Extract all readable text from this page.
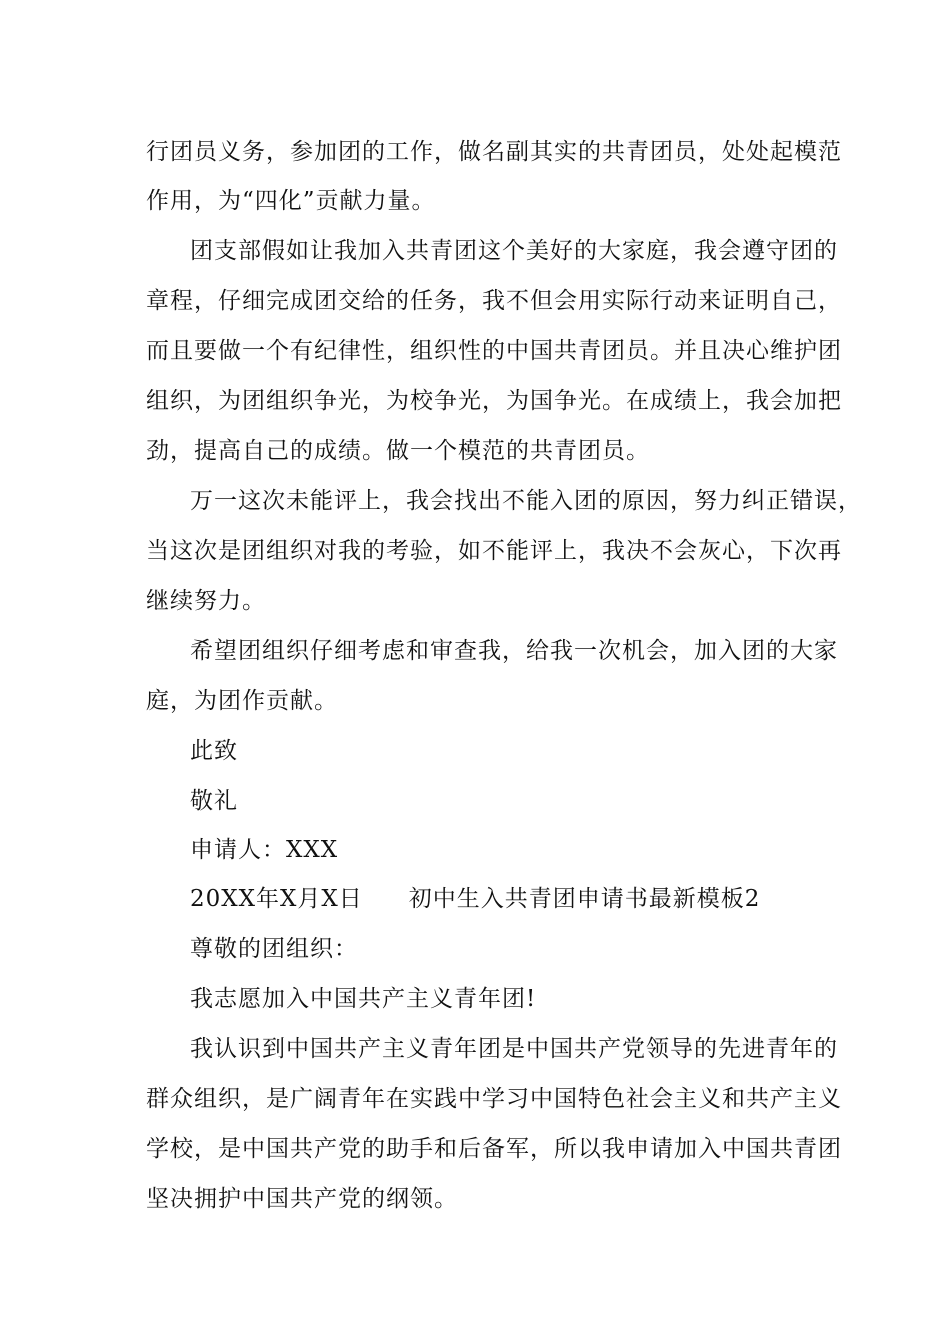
行团员义务，参加团的工作，做名副其实的共青团员，处处起模范
作用，为“四化”贡献力量。
团支部假如让我加入共青团这个美好的大家庭，我会遵守团的
章程，仔细完成团交给的任务，我不但会用实际行动来证明自己，
而且要做一个有纪律性，组织性的中国共青团员。并且决心维护团
组织，为团组织争光，为校争光，为国争光。在成绩上，我会加把
劲，提高自己的成绩。做一个模范的共青团员。
万一这次未能评上，我会找出不能入团的原因，努力纠正错误，
当这次是团组织对我的考验，如不能评上，我决不会灰心，下次再
继续努力。
希望团组织仔细考虑和审查我，给我一次机会，加入团的大家
庭，为团作贡献。
此致
敬礼
申请人：XXX
20XX年X月X日 初中生入共青团申请书最新模板2
尊敬的团组织：
我志愿加入中国共产主义青年团!
我认识到中国共产主义青年团是中国共产党领导的先进青年的
群众组织，是广阔青年在实践中学习中国特色社会主义和共产主义
学校，是中国共产党的助手和后备军，所以我申请加入中国共青团
坚决拥护中国共产党的纲领。
